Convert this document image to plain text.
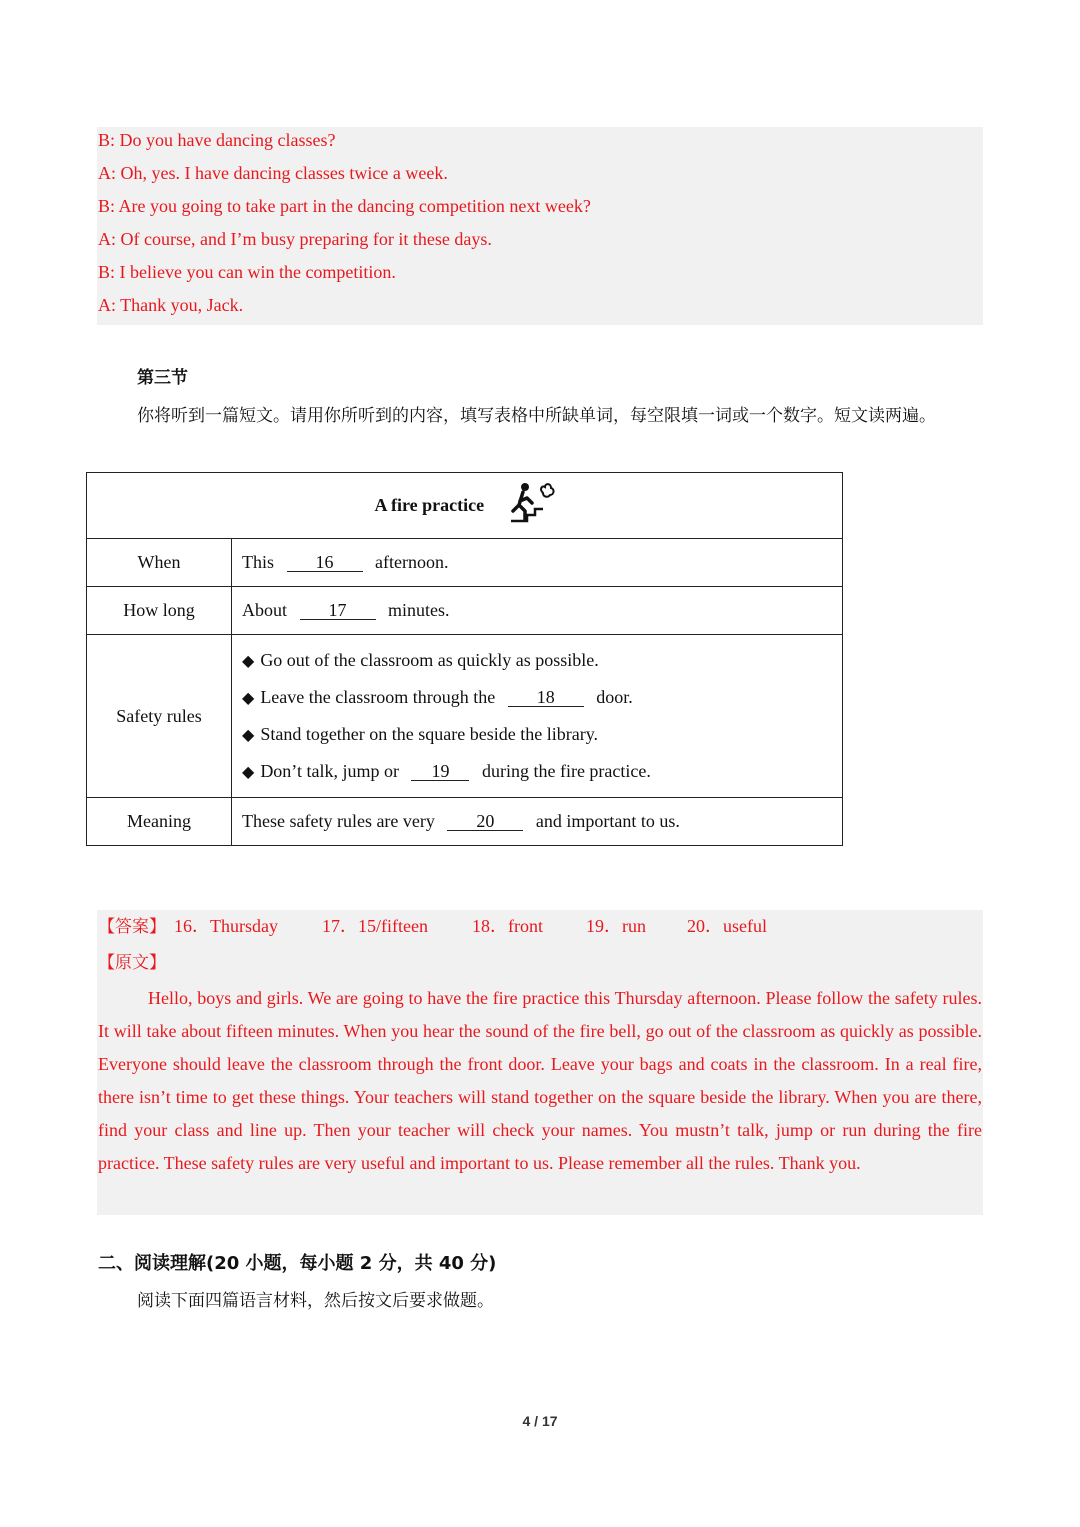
B: Do you have dancing classes?
A: Oh, yes. I have dancing classes twice a week.
B: Are you going to take part in the dancing competition next week?
A: Of course, and I’m busy preparing for it these days.
B: I believe you can win the competition.
A: Thank you, Jack.
第三节
你将听到一篇短文。请用你所听到的内容，填写表格中所缺单词，每空限填一词或一个数字。短文读两遍。
A fire practice	
When	This 16 afternoon.
How long	About 17 minutes.
Safety rules	◆ Go out of the classroom as quickly as possible.
◆ Leave the classroom through the 18 door.
◆ Stand together on the square beside the library.
◆ Don’t talk, jump or 19 during the fire practice.

Meaning	These safety rules are very 20 and important to us.
【答案】 16．Thursday 17．15/fifteen 18．front 19．run 20．useful
【原文】
Hello, boys and girls. We are going to have the fire practice this Thursday afternoon. Please follow the safety rules. It will take about fifteen minutes. When you hear the sound of the fire bell, go out of the classroom as quickly as possible. Everyone should leave the classroom through the front door. Leave your bags and coats in the classroom. In a real fire, there isn’t time to get these things. Your teachers will stand together on the square beside the library. When you are there, find your class and line up. Then your teacher will check your names. You mustn’t talk, jump or run during the fire practice. These safety rules are very useful and important to us. Please remember all the rules. Thank you.
二、阅读理解(20 小题，每小题 2 分，共 40 分)
阅读下面四篇语言材料，然后按文后要求做题。
4 / 17
